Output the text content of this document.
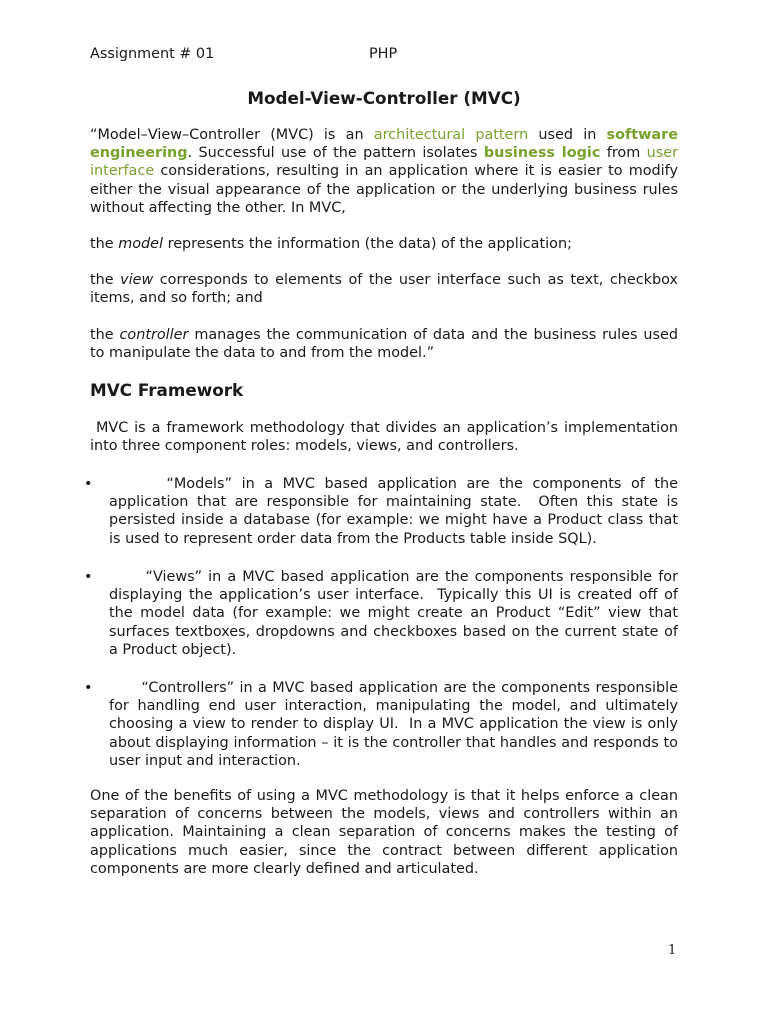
Assignment # 01	PHP
Model-View-Controller (MVC)
“Model–View–Controller (MVC) is an architectural pattern used in software engineering. Successful use of the pattern isolates business logic from user interface considerations, resulting in an application where it is easier to modify either the visual appearance of the application or the underlying business rules without affecting the other. In MVC,
the model represents the information (the data) of the application;
the view corresponds to elements of the user interface such as text, checkbox items, and so forth; and
the controller manages the communication of data and the business rules used to manipulate the data to and from the model.”
MVC Framework
MVC is a framework methodology that divides an application’s implementation into three component roles: models, views, and controllers.
• “Models” in a MVC based application are the components of the application that are responsible for maintaining state.  Often this state is persisted inside a database (for example: we might have a Product class that is used to represent order data from the Products table inside SQL).
• “Views” in a MVC based application are the components responsible for displaying the application’s user interface.  Typically this UI is created off of the model data (for example: we might create an Product “Edit” view that surfaces textboxes, dropdowns and checkboxes based on the current state of a Product object).
• “Controllers” in a MVC based application are the components responsible for handling end user interaction, manipulating the model, and ultimately choosing a view to render to display UI.  In a MVC application the view is only about displaying information – it is the controller that handles and responds to user input and interaction.
One of the benefits of using a MVC methodology is that it helps enforce a clean separation of concerns between the models, views and controllers within an application. Maintaining a clean separation of concerns makes the testing of applications much easier, since the contract between different application components are more clearly defined and articulated.
1
